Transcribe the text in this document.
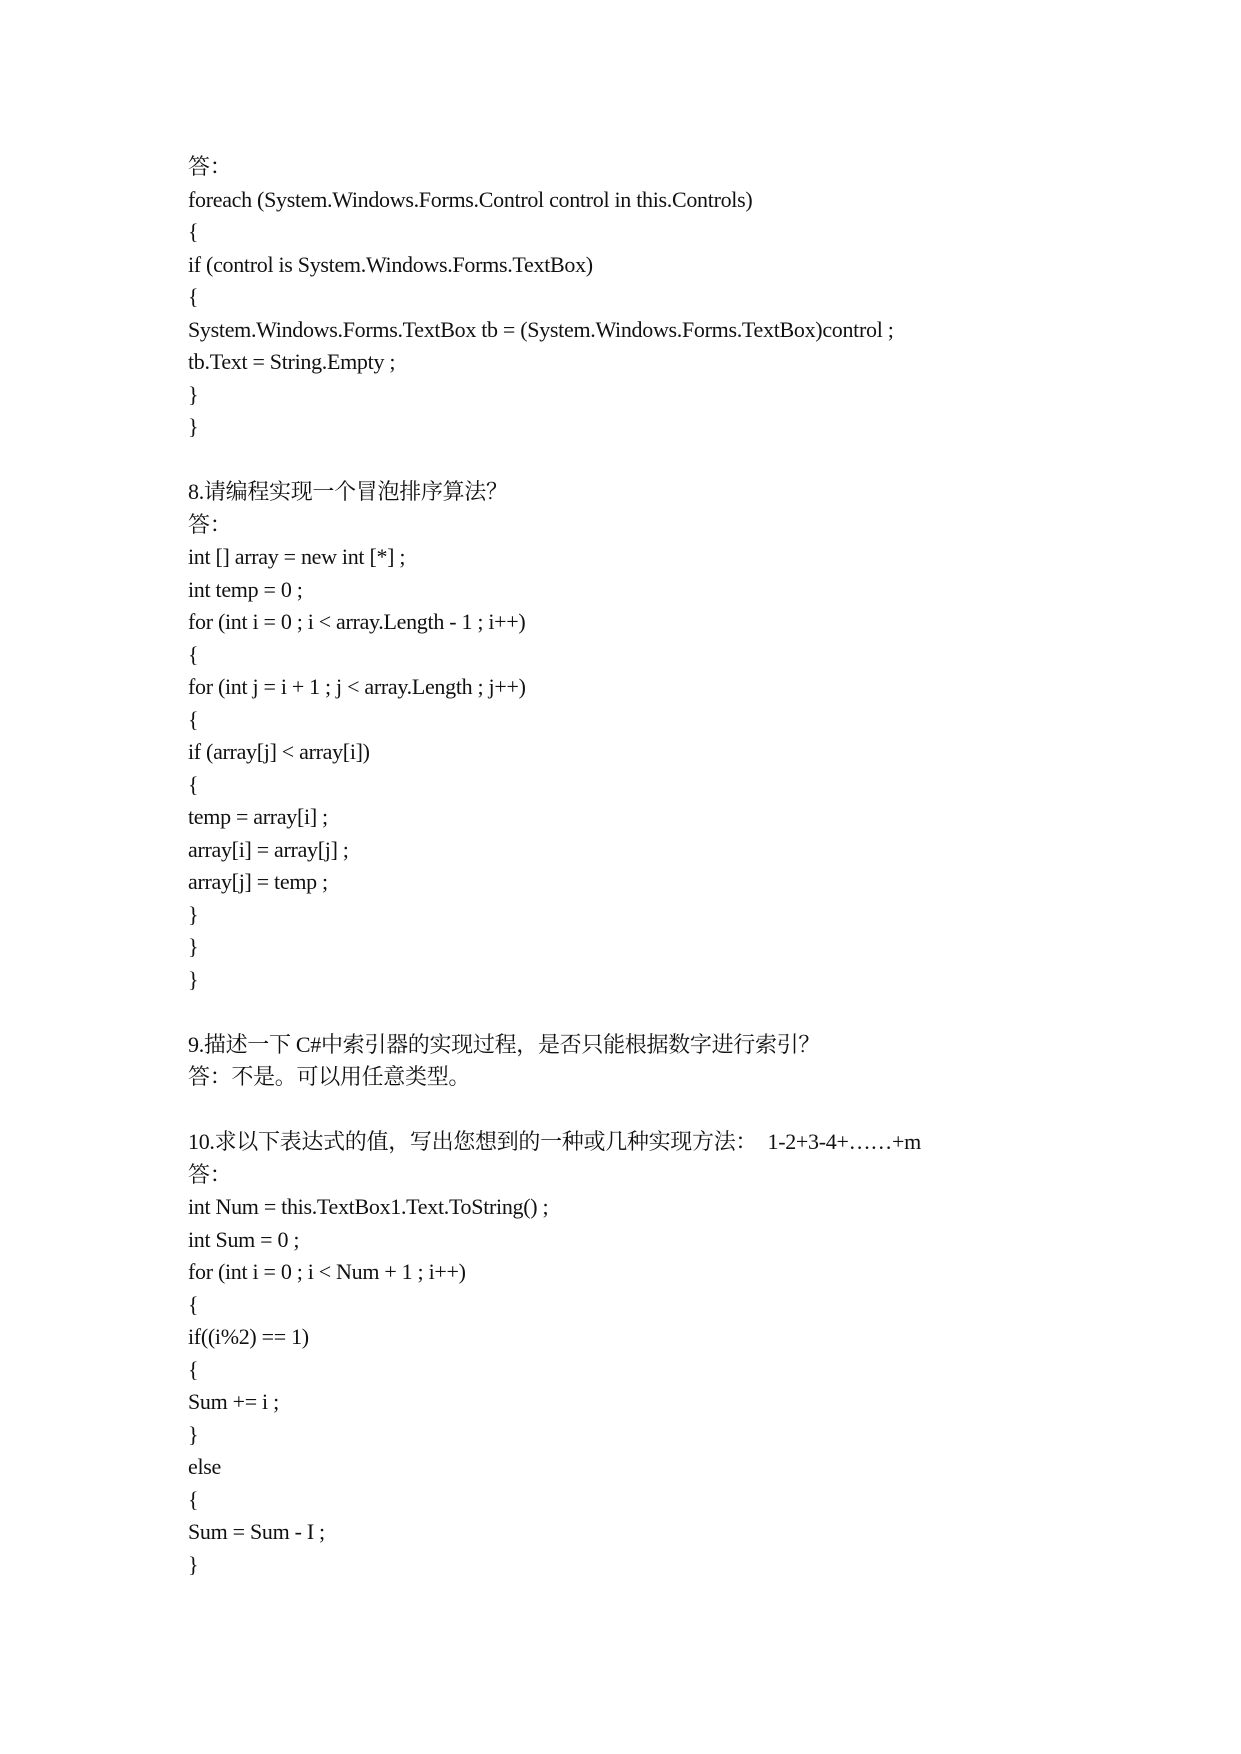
答：
foreach (System.Windows.Forms.Control control in this.Controls)
{
if (control is System.Windows.Forms.TextBox)
{
System.Windows.Forms.TextBox tb = (System.Windows.Forms.TextBox)control ;
tb.Text = String.Empty ;
}
}
8.请编程实现一个冒泡排序算法？
答：
int [] array = new int [*] ;
int temp = 0 ;
for (int i = 0 ; i < array.Length - 1 ; i++)
{
for (int j = i + 1 ; j < array.Length ; j++)
{
if (array[j] < array[i])
{
temp = array[i] ;
array[i] = array[j] ;
array[j] = temp ;
}
}
}
9.描述一下 C#中索引器的实现过程，是否只能根据数字进行索引？
答：不是。可以用任意类型。
10.求以下表达式的值，写出您想到的一种或几种实现方法：  1-2+3-4+……+m
答：
int Num = this.TextBox1.Text.ToString() ;
int Sum = 0 ;
for (int i = 0 ; i < Num + 1 ; i++)
{
if((i%2) == 1)
{
Sum += i ;
}
else
{
Sum = Sum - I ;
}
